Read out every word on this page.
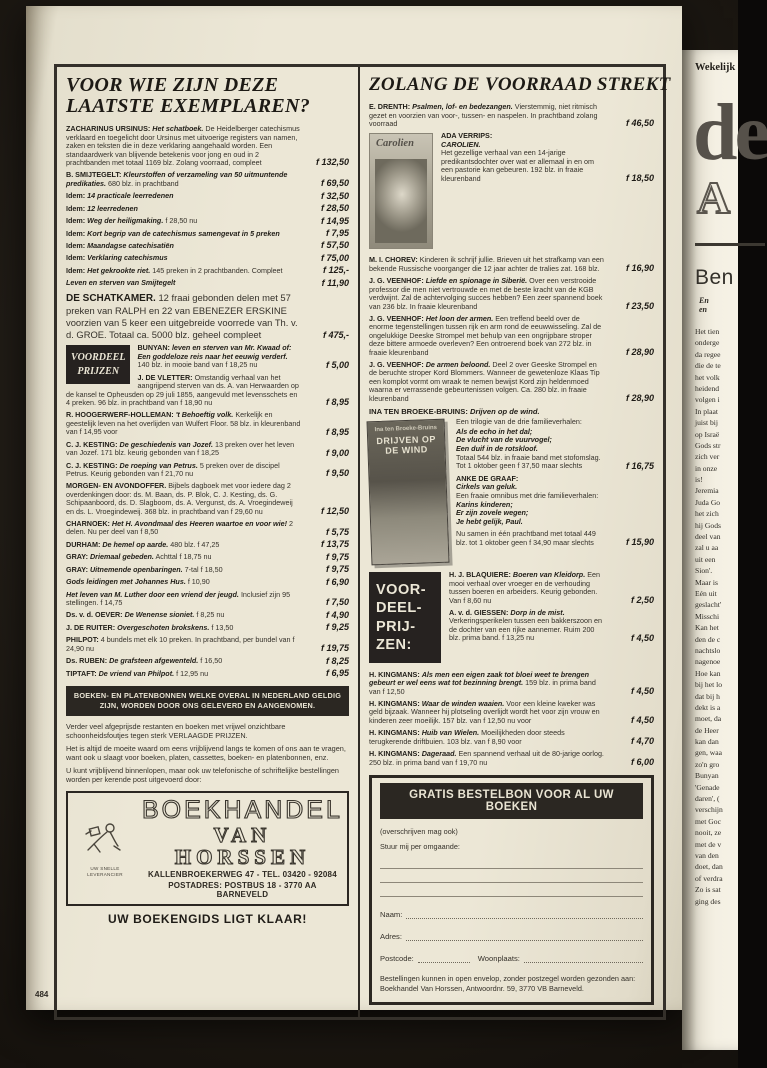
VOOR WIE ZIJN DEZE LAATSTE EXEMPLAREN?
ZACHARINUS URSINUS: Het schatboek. De Heidelberger catechismus verklaard en toegelicht door Ursinus met uitvoerige registers van namen, zaken en teksten die in deze verklaring aangehaald worden. Een standaardwerk van blijvende betekenis voor jong en oud in 2 prachtbanden met totaal 1169 blz. Zolang voorraad, compleet	f 132,50
B. SMIJTEGELT: Kleurstoffen of verzameling van 50 uitmuntende predikaties. 680 blz. in prachtband	f 69,50
Idem: 14 practicale leerredenen	f 32,50
Idem: 12 leerredenen	f 28,50
Idem: Weg der heiligmaking. f 28,50 nu	f 14,95
Idem: Kort begrip van de catechismus samengevat in 5 preken	f 7,95
Idem: Maandagse catechisatiën	f 57,50
Idem: Verklaring catechismus	f 75,00
Idem: Het gekrookte riet. 145 preken in 2 prachtbanden. Compleet	f 125,-
Leven en sterven van Smijtegelt	f 11,90
DE SCHATKAMER. 12 fraai gebonden delen met 57 preken van RALPH en 22 van EBENEZER ERSKINE voorzien van 5 keer een uitgebreide voorrede van Th. v. d. GROE. Totaal ca. 5000 blz. geheel compleet	f 475,-
VOORDEEL
PRIJZEN
BUNYAN: leven en sterven van Mr. Kwaad of: Een goddeloze reis naar het eeuwig verderf. 140 blz. in mooie band van f 18,25 nu	f 5,00
J. DE VLETTER: Omstandig verhaal van het aangrijpend sterven van ds. A. van Herwaarden op de kansel te Opheusden op 29 juli 1855, aangevuld met levensschets en 4 preken. 96 blz. in prachtband van f 18,90 nu	f 8,95
R. HOOGERWERF-HOLLEMAN: 't Behoeftig volk. Kerkelijk en geestelijk leven na het overlijden van Wulfert Floor. 58 blz. in kleurenband van f 14,95 voor	f 8,95
C. J. KESTING: De geschiedenis van Jozef. 13 preken over het leven van Jozef. 171 blz. keurig gebonden van f 18,25	f 9,00
C. J. KESTING: De roeping van Petrus. 5 preken over de discipel Petrus. Keurig gebonden van f 21,70 nu	f 9,50
MORGEN- EN AVONDOFFER. Bijbels dagboek met voor iedere dag 2 overdenkingen door: ds. M. Baan, ds. P. Blok, C. J. Kesting, ds. G. Schipaanboord, ds. D. Slagboom, ds. A. Vergunst, ds. A. Vroegindeweij en ds. L. Vroegindeweij. 368 blz. in prachtband van f 29,60 nu	f 12,50
CHARNOEK: Het H. Avondmaal des Heeren waartoe en voor wie! 2 delen. Nu per deel van f 8,50	f 5,75
DURHAM: De hemel op aarde. 480 blz. f 47,25	f 13,75
GRAY: Driemaal gebeden. Achttal f 18,75 nu	f 9,75
GRAY: Uitnemende openbaringen. 7-tal f 18,50	f 9,75
Gods leidingen met Johannes Hus. f 10,90	f 6,90
Het leven van M. Luther door een vriend der jeugd. Inclusief zijn 95 stellingen. f 14,75	f 7,50
Ds. v. d. OEVER: De Wenense sioniet. f 8,25 nu	f 4,90
J. DE RUITER: Overgeschoten brokskens. f 13,50	f 9,25
PHILPOT: 4 bundels met elk 10 preken. In prachtband, per bundel van f 24,90 nu	f 19,75
Ds. RUBEN: De grafsteen afgewenteld. f 16,50	f 8,25
TIPTAFT: De vriend van Philpot. f 12,95 nu	f 6,95
BOEKEN- EN PLATENBONNEN WELKE OVERAL IN NEDERLAND GELDIG ZIJN, WORDEN DOOR ONS GELEVERD EN AANGENOMEN.

Verder veel afgeprijsde restanten en boeken met vrijwel onzichtbare schoonheidsfoutjes tegen sterk VERLAAGDE PRIJZEN.

Het is altijd de moeite waard om eens vrijblijvend langs te komen of ons aan te vragen, want ook u slaagt voor boeken, platen, cassettes, boeken- en platenbonnen, enz.

U kunt vrijblijvend binnenlopen, maar ook uw telefonische of schriftelijke bestellingen worden per kerende post uitgevoerd door:

UW SNELLE
LEVERANCIER
BOEKHANDEL
VAN HORSSEN
KALLENBROEKERWEG 47 - TEL. 03420 - 92084
POSTADRES: POSTBUS 18 - 3770 AA BARNEVELD
UW BOEKENGIDS LIGT KLAAR!
ZOLANG DE VOORRAAD STREKT
E. DRENTH: Psalmen, lof- en bedezangen. Vierstemmig, niet ritmisch gezet en voorzien van voor-, tussen- en naspelen. In prachtband zolang voorraad	f 46,50
Carolien
ADA VERRIPS:
CAROLIEN.
Het gezellige verhaal van een 14-jarige predikantsdochter over wat er allemaal in en om een pastorie kan gebeuren. 192 blz. in fraaie kleurenband	f 18,50
M. I. CHOREV: Kinderen ik schrijf jullie. Brieven uit het strafkamp van een bekende Russische voorganger die 12 jaar achter de tralies zat. 168 blz.	f 16,90
J. G. VEENHOF: Liefde en spionage in Siberië. Over een verstrooide professor die men niet vertrouwde en met de beste kracht van de KGB verdwijnt. Zal de achtervolging succes hebben? Een zeer spannend boek van 236 blz. In fraaie kleurenband	f 23,50
J. G. VEENHOF: Het loon der armen. Een treffend beeld over de enorme tegenstellingen tussen rijk en arm rond de eeuwwisseling. Zal de ongelukkige Deeske Strompel met behulp van een ongrijpbare stroper deze bittere armoede overleven? Een ontroerend boek van 272 blz. in fraaie kleurenband	f 28,90
J. G. VEENHOF: De armen beloond. Deel 2 over Geeske Strompel en de beruchte stroper Kord Blommers. Wanneer de gewetenloze Klaas Tip een komplot vormt om wraak te nemen bewijst Kord zijn heldenmoed waarna er verrassende gebeurtenissen volgen. Ca. 280 blz. in fraaie kleurenband	f 28,90
INA TEN BROEKE-BRUINS: Drijven op de wind.
Ina ten Broeke-Bruins
DRIJVEN OP DE WIND
Een trilogie van de drie familieverhalen:
Als de echo in het dal;
De vlucht van de vuurvogel;
Een duif in de rotskloof.
Totaal 544 blz. in fraaie band met stofomslag. Tot 1 oktober geen f 37,50 maar slechts	f 16,75
ANKE DE GRAAF:
Cirkels van geluk.
Een fraaie omnibus met drie familieverhalen:
Karins kinderen;
Er zijn zovele wegen;
Je hebt gelijk, Paul.
Nu samen in één prachtband met totaal 449 blz. tot 1 oktober geen f 34,90 maar slechts	f 15,90
VOOR-
DEEL-
PRIJ-
ZEN:
H. J. BLAQUIERE: Boeren van Kleidorp. Een mooi verhaal over vroeger en de verhouding tussen boeren en arbeiders. Keurig gebonden. Van f 8,60 nu	f 2,50
A. v. d. GIESSEN: Dorp in de mist. Verkeringsperikelen tussen een bakkerszoon en de dochter van een rijke aannemer. Ruim 200 blz. prima band. f 13,25 nu	f 4,50
H. KINGMANS: Als men een eigen zaak tot bloei weet te brengen gebeurt er wel eens wat tot bezinning brengt. 159 blz. in prima band van f 12,50	f 4,50
H. KINGMANS: Waar de winden waaien. Voor een kleine kweker was geld bijzaak. Wanneer hij plotseling overlijdt wordt het voor zijn vrouw en kinderen zeer moeilijk. 157 blz. van f 12,50 nu voor	f 4,50
H. KINGMANS: Huib van Wielen. Moeilijkheden door steeds terugkerende driftbuien. 103 blz. van f 8,90 voor	f 4,70
H. KINGMANS: Dageraad. Een spannend verhaal uit de 80-jarige oorlog. 250 blz. in prima band van f 19,70 nu	f 6,00
GRATIS BESTELBON VOOR AL UW BOEKEN
(overschrijven mag ook)
Stuur mij per omgaande:
Naam:
Adres:
Postcode:	Woonplaats:
Bestellingen kunnen in open envelop, zonder postzegel worden gezonden aan: Boekhandel Van Horssen, Antwoordnr. 59, 3770 VB Barneveld.
484
Wekelijk
de
A
Ben
En
en
Het tien
onderge
da regee
die de te
het volk
heidend
volgen i
In plaat
juist bij
op Israë
Gods str
zich ver
in onze
is!
Jeremia
Juda Go
het zich
hij Gods
deel van
zal u aa
uit een
Sion'.
Maar is
Eén uit
geslacht'
Misschi
Kan het
den de c
nachtslo
nagenoe
Hoe kan
bij het lo
dat bij h
dekt is a
moet, da
de Heer
kan dan
gen, waa
zo'n gro
Bunyan
'Genade
daren', (
verschijn
met Goc
nooit, ze
met de v
van den
doet, dan
of verdra
Zo is sat
ging des
